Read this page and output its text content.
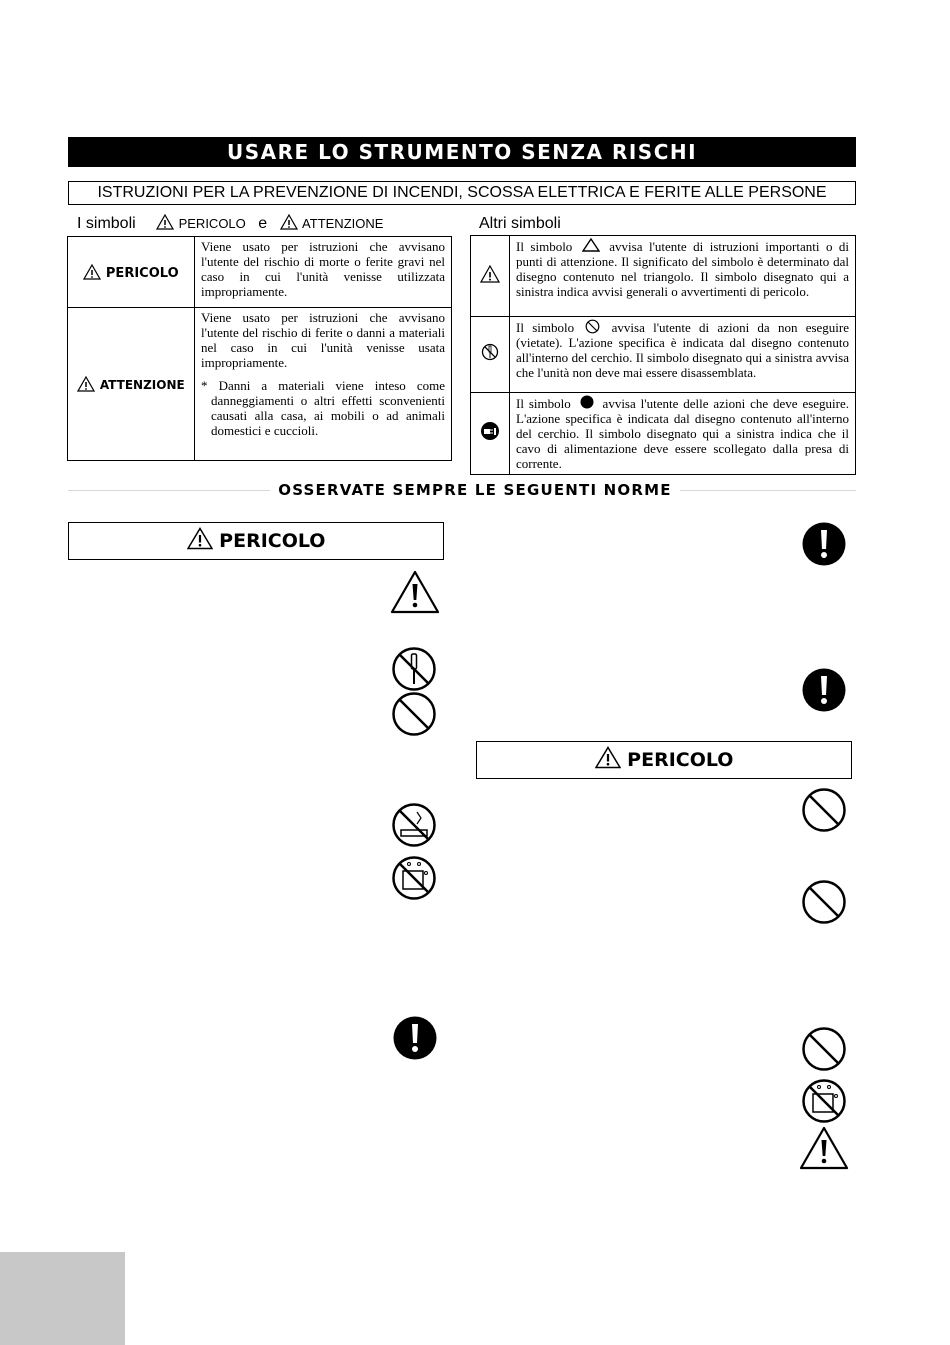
USARE LO STRUMENTO SENZA RISCHI
ISTRUZIONI PER LA PREVENZIONE DI INCENDI, SCOSSA ELETTRICA E FERITE ALLE PERSONE
I simboli	PERICOLO e	ATTENZIONE	Altri simboli
PERICOLO	Viene usato per istruzioni che avvisano l'utente del rischio di morte o ferite gravi nel caso in cui l'unità venisse utilizzata impropriamente.
ATTENZIONE	Viene usato per istruzioni che avvisano l'utente del rischio di ferite o danni a materiali nel caso in cui l'unità venisse usata impropriamente.
* Danni a materiali viene inteso come danneggiamenti o altri effetti sconvenienti causati alla casa, ai mobili o ad animali domestici e cuccioli.
	Il simbolo avvisa l'utente di istruzioni importanti o di punti di attenzione. Il significato del simbolo è determinato dal disegno contenuto nel triangolo. Il simbolo disegnato qui a sinistra indica avvisi generali o avvertimenti di pericolo.
	Il simbolo avvisa l'utente di azioni da non eseguire (vietate). L'azione specifica è indicata dal disegno contenuto all'interno del cerchio. Il simbolo disegnato qui a sinistra avvisa che l'unità non deve mai essere disassemblata.
	Il simbolo avvisa l'utente delle azioni che deve eseguire. L'azione specifica è indicata dal disegno contenuto all'interno del cerchio. Il simbolo disegnato qui a sinistra indica che il cavo di alimentazione deve essere scollegato dalla presa di corrente.
OSSERVATE SEMPRE LE SEGUENTI NORME
PERICOLO
PERICOLO
